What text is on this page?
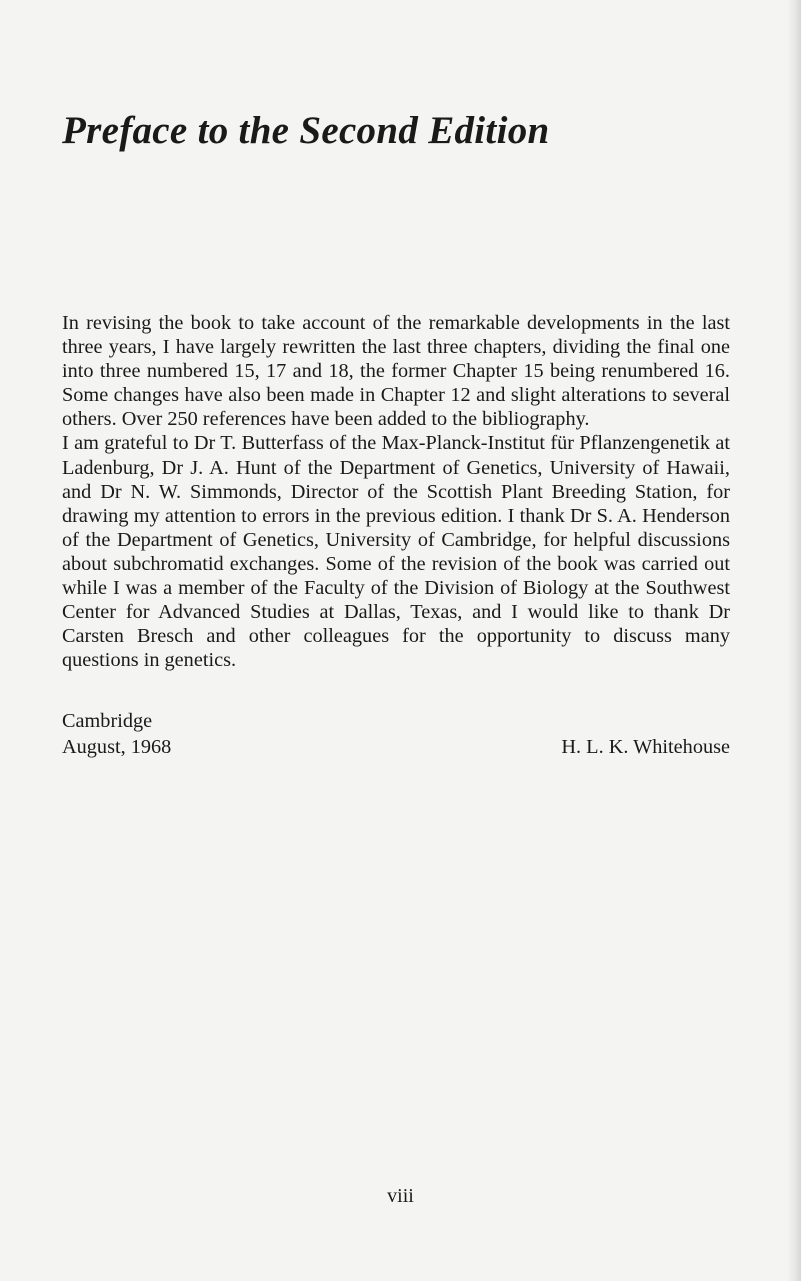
Preface to the Second Edition

In revising the book to take account of the remarkable developments in the last three years, I have largely rewritten the last three chapters, dividing the final one into three numbered 15, 17 and 18, the former Chapter 15 being renumbered 16. Some changes have also been made in Chapter 12 and slight alterations to several others. Over 250 references have been added to the bibliography.

I am grateful to Dr T. Butterfass of the Max-Planck-Institut für Pflanzengenetik at Ladenburg, Dr J. A. Hunt of the Department of Genetics, University of Hawaii, and Dr N. W. Simmonds, Director of the Scottish Plant Breeding Station, for drawing my attention to errors in the previous edition. I thank Dr S. A. Henderson of the Department of Genetics, University of Cambridge, for helpful discussions about subchromatid exchanges. Some of the revision of the book was carried out while I was a member of the Faculty of the Division of Biology at the Southwest Center for Advanced Studies at Dallas, Texas, and I would like to thank Dr Carsten Bresch and other colleagues for the opportunity to discuss many questions in genetics.

Cambridge
August, 1968	H. L. K. Whitehouse
viii
